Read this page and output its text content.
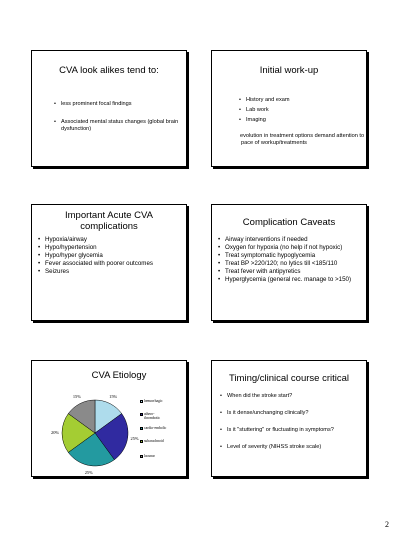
CVA look alikes tend to:
• less prominent focal findings
• Associated mental status changes (global brain dysfunction)
Initial work-up
• History and exam
• Lab work
• Imaging
evolution in treatment options demand attention to pace of workup/treatments
Important Acute CVA
complications
• Hypoxia/airway
• Hypo/hypertension
• Hypo/hyper glycemia
• Fever associated with poorer outcomes
• Seizures
Complication Caveats
• Airway interventions if needed
• Oxygen for hypoxia (no help if not hypoxic)
• Treat symptomatic hypoglycemia
• Treat BP >220/120; no lytics till <185/110
• Treat fever with antipyretics
• Hyperglycemia (general rec. manage to >150)
CVA Etiology
15%
25%
25%
20%
15%
hemorrhagic
athero-thrombotic
cardio-embolic
subarachnoid
lacunar
Timing/clinical course critical
• When did the stroke start?
• Is it dense/unchanging clinically?
• Is it "stuttering" or fluctuating in symptoms?
• Level of severity (NIHSS stroke scale)
2
